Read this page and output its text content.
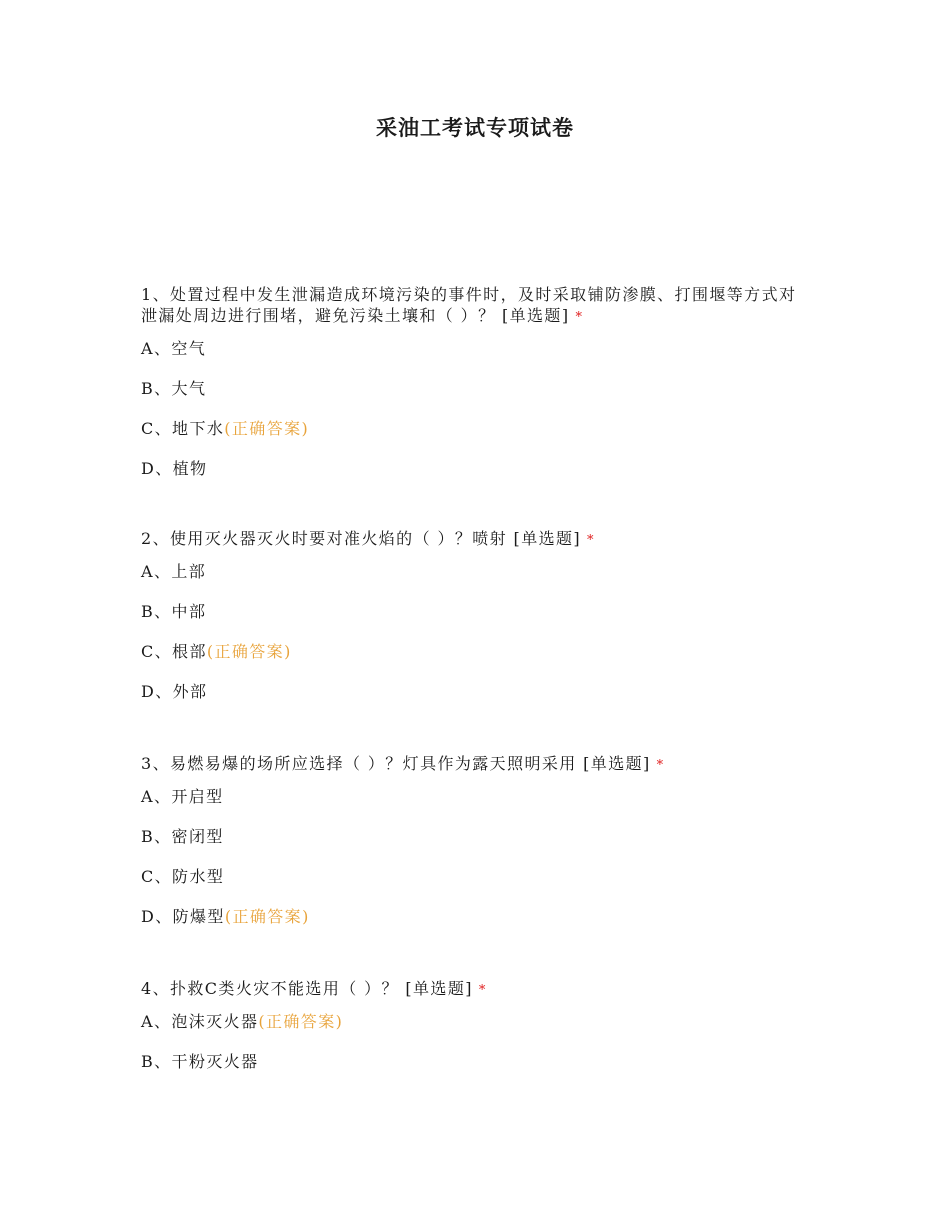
采油工考试专项试卷

1、处置过程中发生泄漏造成环境污染的事件时，及时采取铺防渗膜、打围堰等方式对泄漏处周边进行围堵，避免污染土壤和（ ）？ [单选题] *

A、空气
B、大气
C、地下水(正确答案)
D、植物

2、使用灭火器灭火时要对准火焰的（ ）？喷射 [单选题] *

A、上部
B、中部
C、根部(正确答案)
D、外部

3、易燃易爆的场所应选择（ ）？灯具作为露天照明采用 [单选题] *

A、开启型
B、密闭型
C、防水型
D、防爆型(正确答案)

4、扑救C类火灾不能选用（ ）？ [单选题] *

A、泡沫灭火器(正确答案)
B、干粉灭火器
